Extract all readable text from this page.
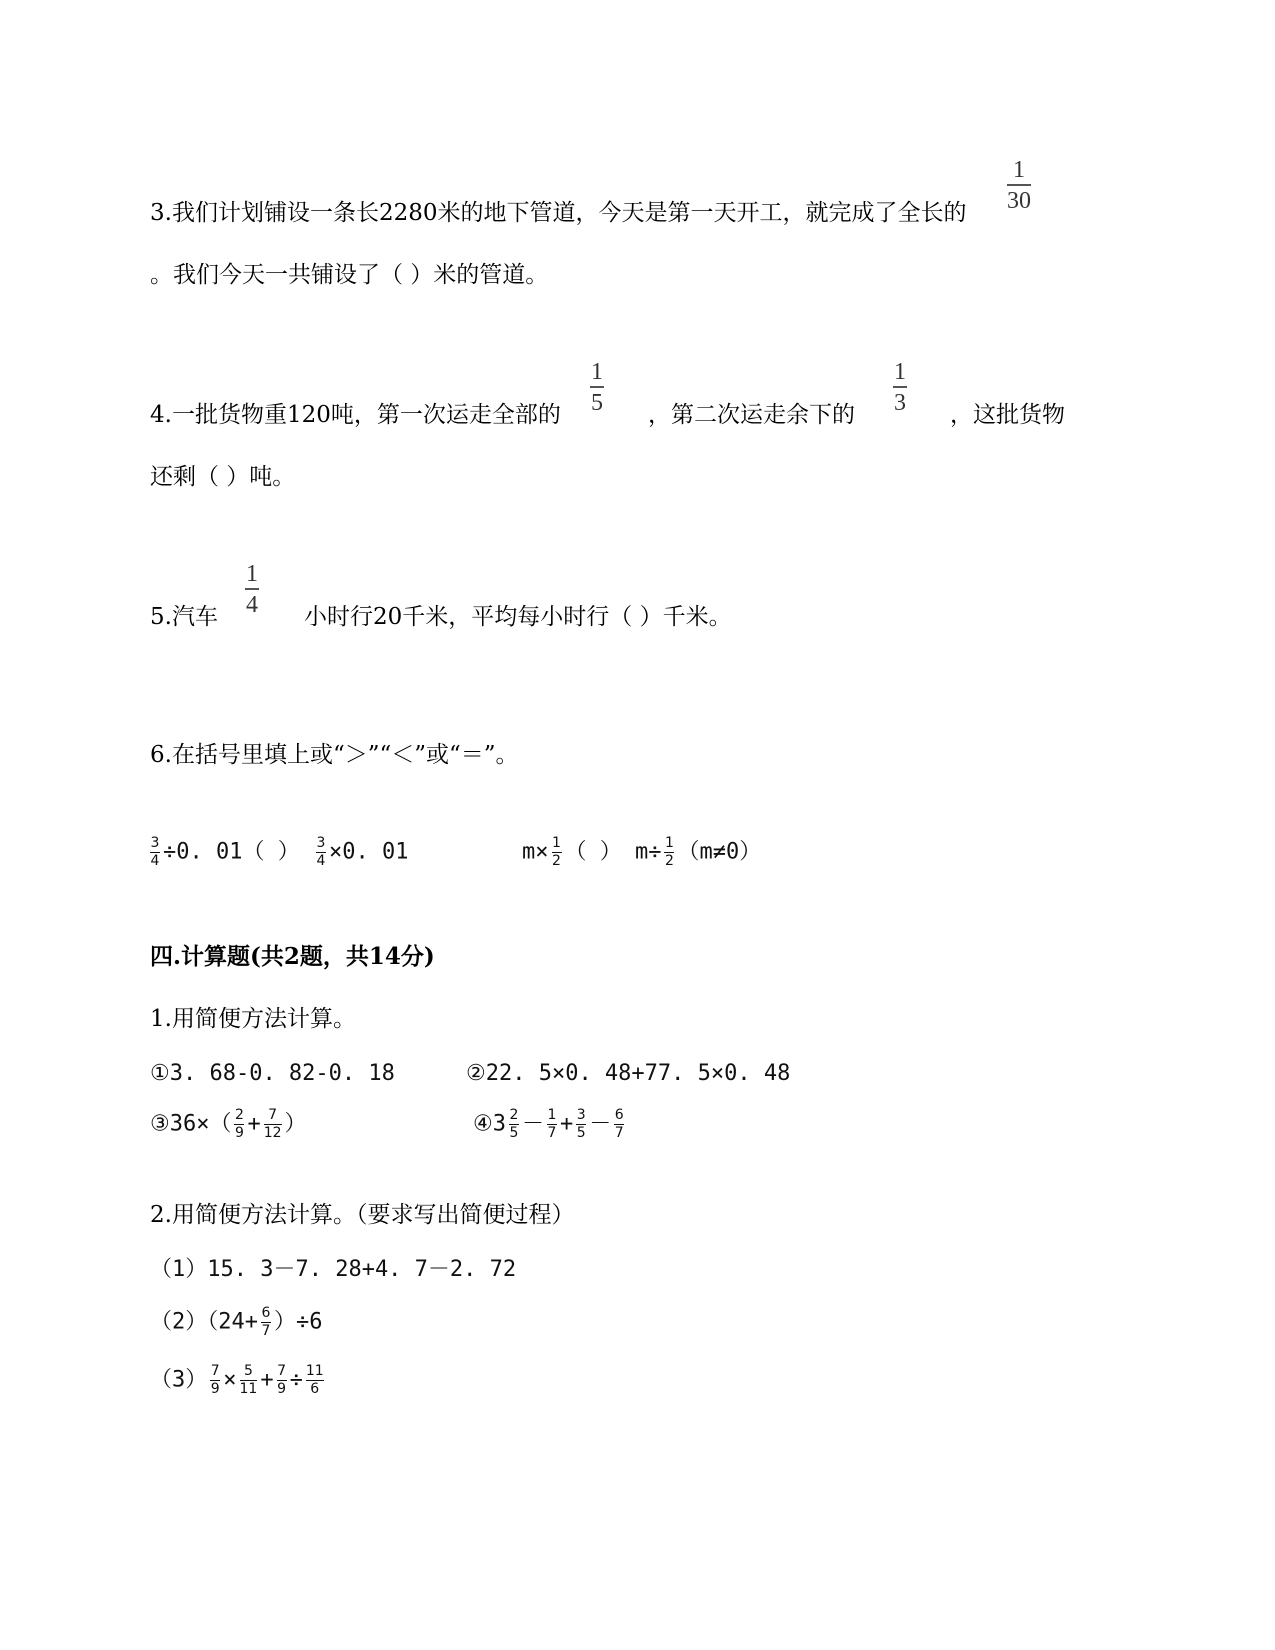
3.我们计划铺设一条长2280米的地下管道，今天是第一天开工，就完成了全长的
1
30
。我们今天一共铺设了（ ）米的管道。
4.一批货物重120吨，第一次运走全部的
1
5 ，第二次运走余下的
1
3 ，这批货物
还剩（ ）吨。
5.汽车
1
4 小时行20千米，平均每小时行（ ）千米。
6.在括号里填上或“＞”“＜”或“＝”。
$\frac{3}{4} \div 0$. 01（ ） $\frac{3}{4} \times 0$. 01	$m\times \frac{1}{2}$ （ ） $m\div \frac{1}{2} (m\ne 0)$
四.计算题(共2题，共14分)
1.用简便方法计算。
①3. 68-0. 82-0. 18	②22. 5×0. 48+77. 5×0. 48
③36×（ $\frac{2}{9} + \frac{7}{12}$ ）	④3 $\frac{2}{5} - \frac{1}{7} + \frac{3}{5} - \frac{6}{7}$
2.用简便方法计算。（要求写出简便过程）
（1）15. 3－7. 28+4. 7－2. 72
$(2)(24+ \frac{6}{7} )\div 6$
$(3) \frac{7}{9} \times \frac{5}{11} + \frac{7}{9} \div \frac{11}{6}$
